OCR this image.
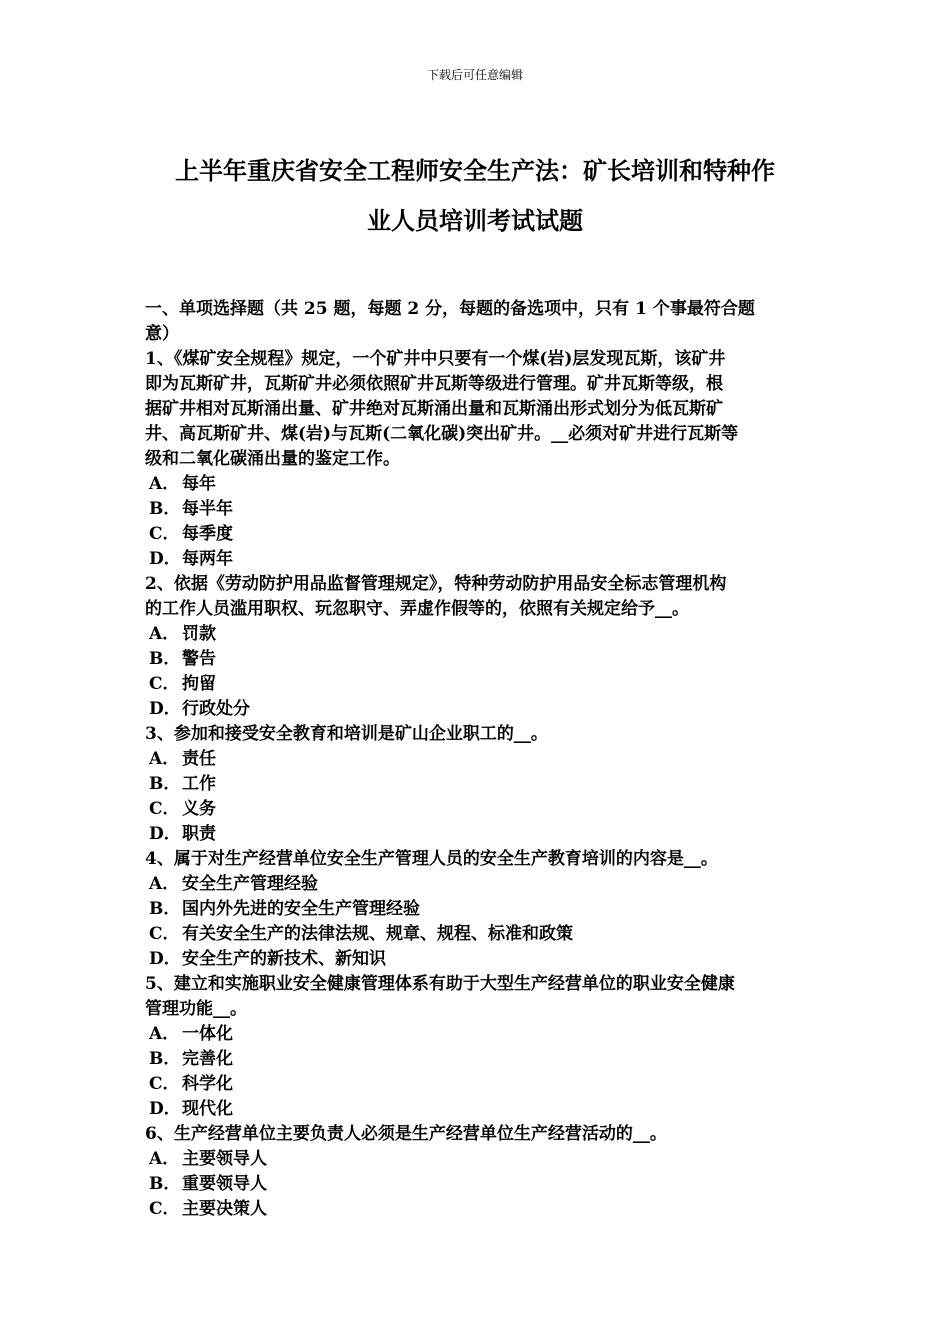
下载后可任意编辑
上半年重庆省安全工程师安全生产法：矿长培训和特种作
业人员培训考试试题
一、单项选择题（共 25 题，每题 2 分，每题的备选项中，只有 1 个事最符合题
意）
1、《煤矿安全规程》规定，一个矿井中只要有一个煤(岩)层发现瓦斯，该矿井
即为瓦斯矿井，瓦斯矿井必须依照矿井瓦斯等级进行管理。矿井瓦斯等级，根
据矿井相对瓦斯涌出量、矿井绝对瓦斯涌出量和瓦斯涌出形式划分为低瓦斯矿
井、高瓦斯矿井、煤(岩)与瓦斯(二氧化碳)突出矿井。__必须对矿井进行瓦斯等
级和二氧化碳涌出量的鉴定工作。
A． 每年
B．每半年
C． 每季度
D．每两年
2、依据《劳动防护用品监督管理规定》，特种劳动防护用品安全标志管理机构
的工作人员滥用职权、玩忽职守、弄虚作假等的，依照有关规定给予__。
A． 罚款
B．警告
C． 拘留
D．行政处分
3、参加和接受安全教育和培训是矿山企业职工的__。
A． 责任
B．工作
C． 义务
D．职责
4、属于对生产经营单位安全生产管理人员的安全生产教育培训的内容是__。
A． 安全生产管理经验
B．国内外先进的安全生产管理经验
C． 有关安全生产的法律法规、规章、规程、标准和政策
D．安全生产的新技术、新知识
5、建立和实施职业安全健康管理体系有助于大型生产经营单位的职业安全健康
管理功能__。
A． 一体化
B．完善化
C． 科学化
D．现代化
6、生产经营单位主要负责人必须是生产经营单位生产经营活动的__。
A． 主要领导人
B．重要领导人
C． 主要决策人
